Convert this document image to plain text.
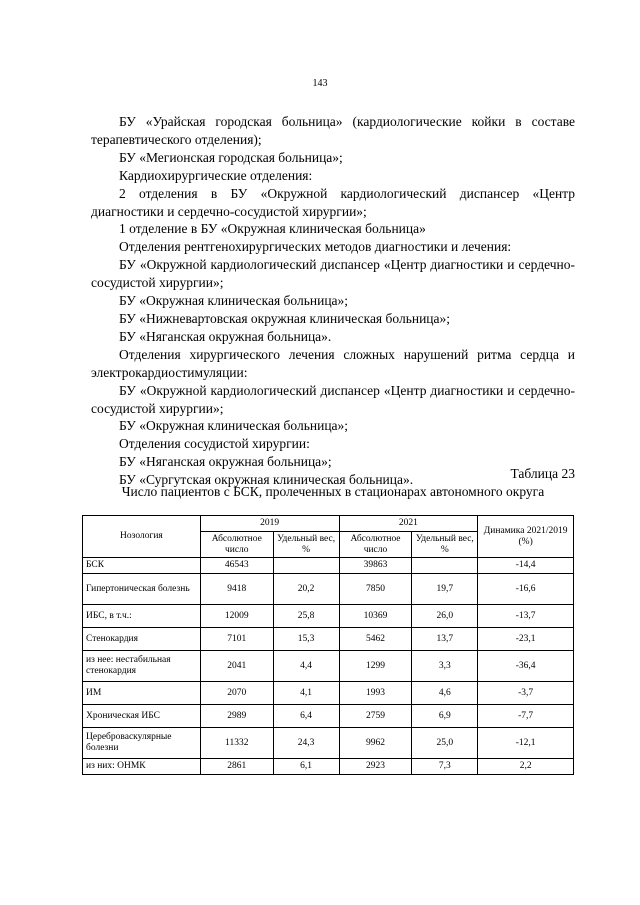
143

БУ «Урайская городская больница» (кардиологические койки в составе терапевтического отделения);

БУ «Мегионская городская больница»;

Кардиохирургические отделения:

2 отделения в БУ «Окружной кардиологический диспансер «Центр диагностики и сердечно-сосудистой хирургии»;

1 отделение в БУ «Окружная клиническая больница»

Отделения рентгенохирургических методов диагностики и лечения:

БУ «Окружной кардиологический диспансер «Центр диагностики и сердечно-сосудистой хирургии»;

БУ «Окружная клиническая больница»;

БУ «Нижневартовская окружная клиническая больница»;

БУ «Няганская окружная больница».

Отделения хирургического лечения сложных нарушений ритма сердца и электрокардиостимуляции:

БУ «Окружной кардиологический диспансер «Центр диагностики и сердечно-сосудистой хирургии»;

БУ «Окружная клиническая больница»;

Отделения сосудистой хирургии:

БУ «Няганская окружная больница»;

БУ «Сургутская окружная клиническая больница».	Таблица 23
Число пациентов с БСК, пролеченных в стационарах автономного округа
Нозология	2019		2021		Динамика 2021/2019 (%)
	Абсолютное число	Удельный вес, %	Абсолютное число	Удельный вес, %	
БСК	46543		39863		-14,4
Гипертоническая болезнь	9418	20,2	7850	19,7	-16,6
ИБС, в т.ч.:	12009	25,8	10369	26,0	-13,7
Стенокардия	7101	15,3	5462	13,7	-23,1
из нее: нестабильная стенокардия	2041	4,4	1299	3,3	-36,4
ИМ	2070	4,1	1993	4,6	-3,7
Хроническая ИБС	2989	6,4	2759	6,9	-7,7
Цереброваскулярные болезни	11332	24,3	9962	25,0	-12,1
из них: ОНМК	2861	6,1	2923	7,3	2,2
